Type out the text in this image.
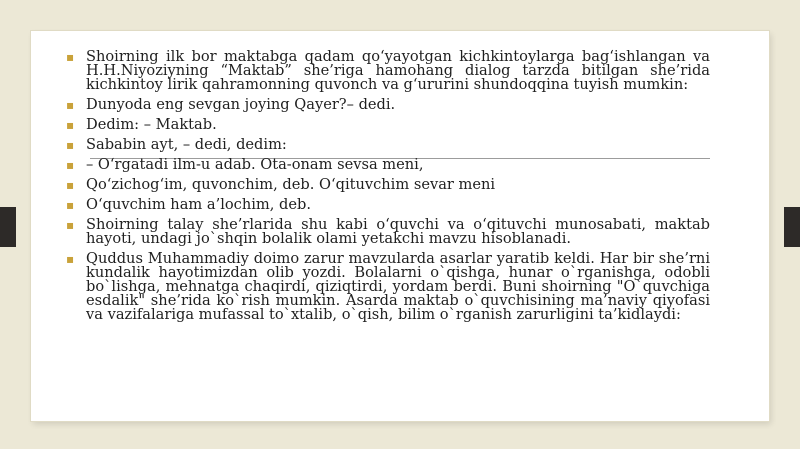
▪ Shoirning ilk bor maktabga qadam qo‘yayotgan kichkintoylarga bag‘ishlangan va H.H.Niyoziyning “Maktab” she’riga hamohang dialog tarzda bitilgan she’rida kichkintoy lirik qahramonning quvonch va g‘ururini shundoqqina tuyish mumkin:
▪ Dunyoda eng sevgan joying Qayer?– dedi.
▪ Dedim: – Maktab.
▪ Sababin ayt, – dedi, dedim:
▪ – O‘rgatadi ilm-u adab. Ota-onam sevsa meni,
▪ Qo‘zichog‘im, quvonchim, deb. O‘qituvchim sevar meni
▪ O‘quvchim ham a’lochim, deb.
▪ Shoirning talay she’rlarida shu kabi o‘quvchi va o‘qituvchi munosabati, maktab hayoti, undagi jo`shqin bolalik olami yetakchi mavzu hisoblanadi.
▪ Quddus Muhammadiy doimo zarur mavzularda asarlar yaratib keldi. Har bir she’rni kundalik hayotimizdan olib yozdi. Bolalarni o`qishga, hunar o`rganishga, odobli bo`lishga, mehnatga chaqirdi, qiziqtirdi, yordam berdi. Buni shoirning "O`quvchiga esdalik" she’rida ko`rish mumkin. Asarda maktab o`quvchisining ma’naviy qiyofasi va vazifalariga mufassal to`xtalib, o`qish, bilim o`rganish zarurligini ta’kidlaydi:
